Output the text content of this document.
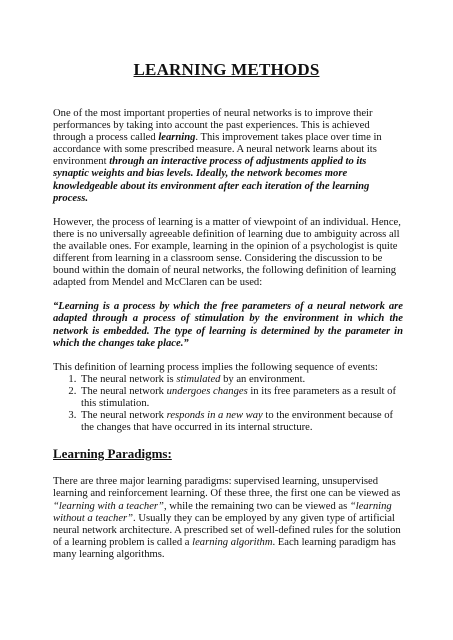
LEARNING METHODS

One of the most important properties of neural networks is to improve their performances by taking into account the past experiences. This is achieved through a process called learning. This improvement takes place over time in accordance with some prescribed measure. A neural network learns about its environment through an interactive process of adjustments applied to its synaptic weights and bias levels. Ideally, the network becomes more knowledgeable about its environment after each iteration of the learning process.

However, the process of learning is a matter of viewpoint of an individual. Hence, there is no universally agreeable definition of learning due to ambiguity across all the available ones. For example, learning in the opinion of a psychologist is quite different from learning in a classroom sense. Considering the discussion to be bound within the domain of neural networks, the following definition of learning adapted from Mendel and McClaren can be used:

“Learning is a process by which the free parameters of a neural network are adapted through a process of stimulation by the environment in which the network is embedded. The type of learning is determined by the parameter in which the changes take place.”

This definition of learning process implies the following sequence of events:

1. The neural network is stimulated by an environment.
2. The neural network undergoes changes in its free parameters as a result of this stimulation.
3. The neural network responds in a new way to the environment because of the changes that have occurred in its internal structure.
Learning Paradigms:

There are three major learning paradigms: supervised learning, unsupervised learning and reinforcement learning. Of these three, the first one can be viewed as “learning with a teacher”, while the remaining two can be viewed as “learning without a teacher”. Usually they can be employed by any given type of artificial neural network architecture. A prescribed set of well-defined rules for the solution of a learning problem is called a learning algorithm. Each learning paradigm has many learning algorithms.
